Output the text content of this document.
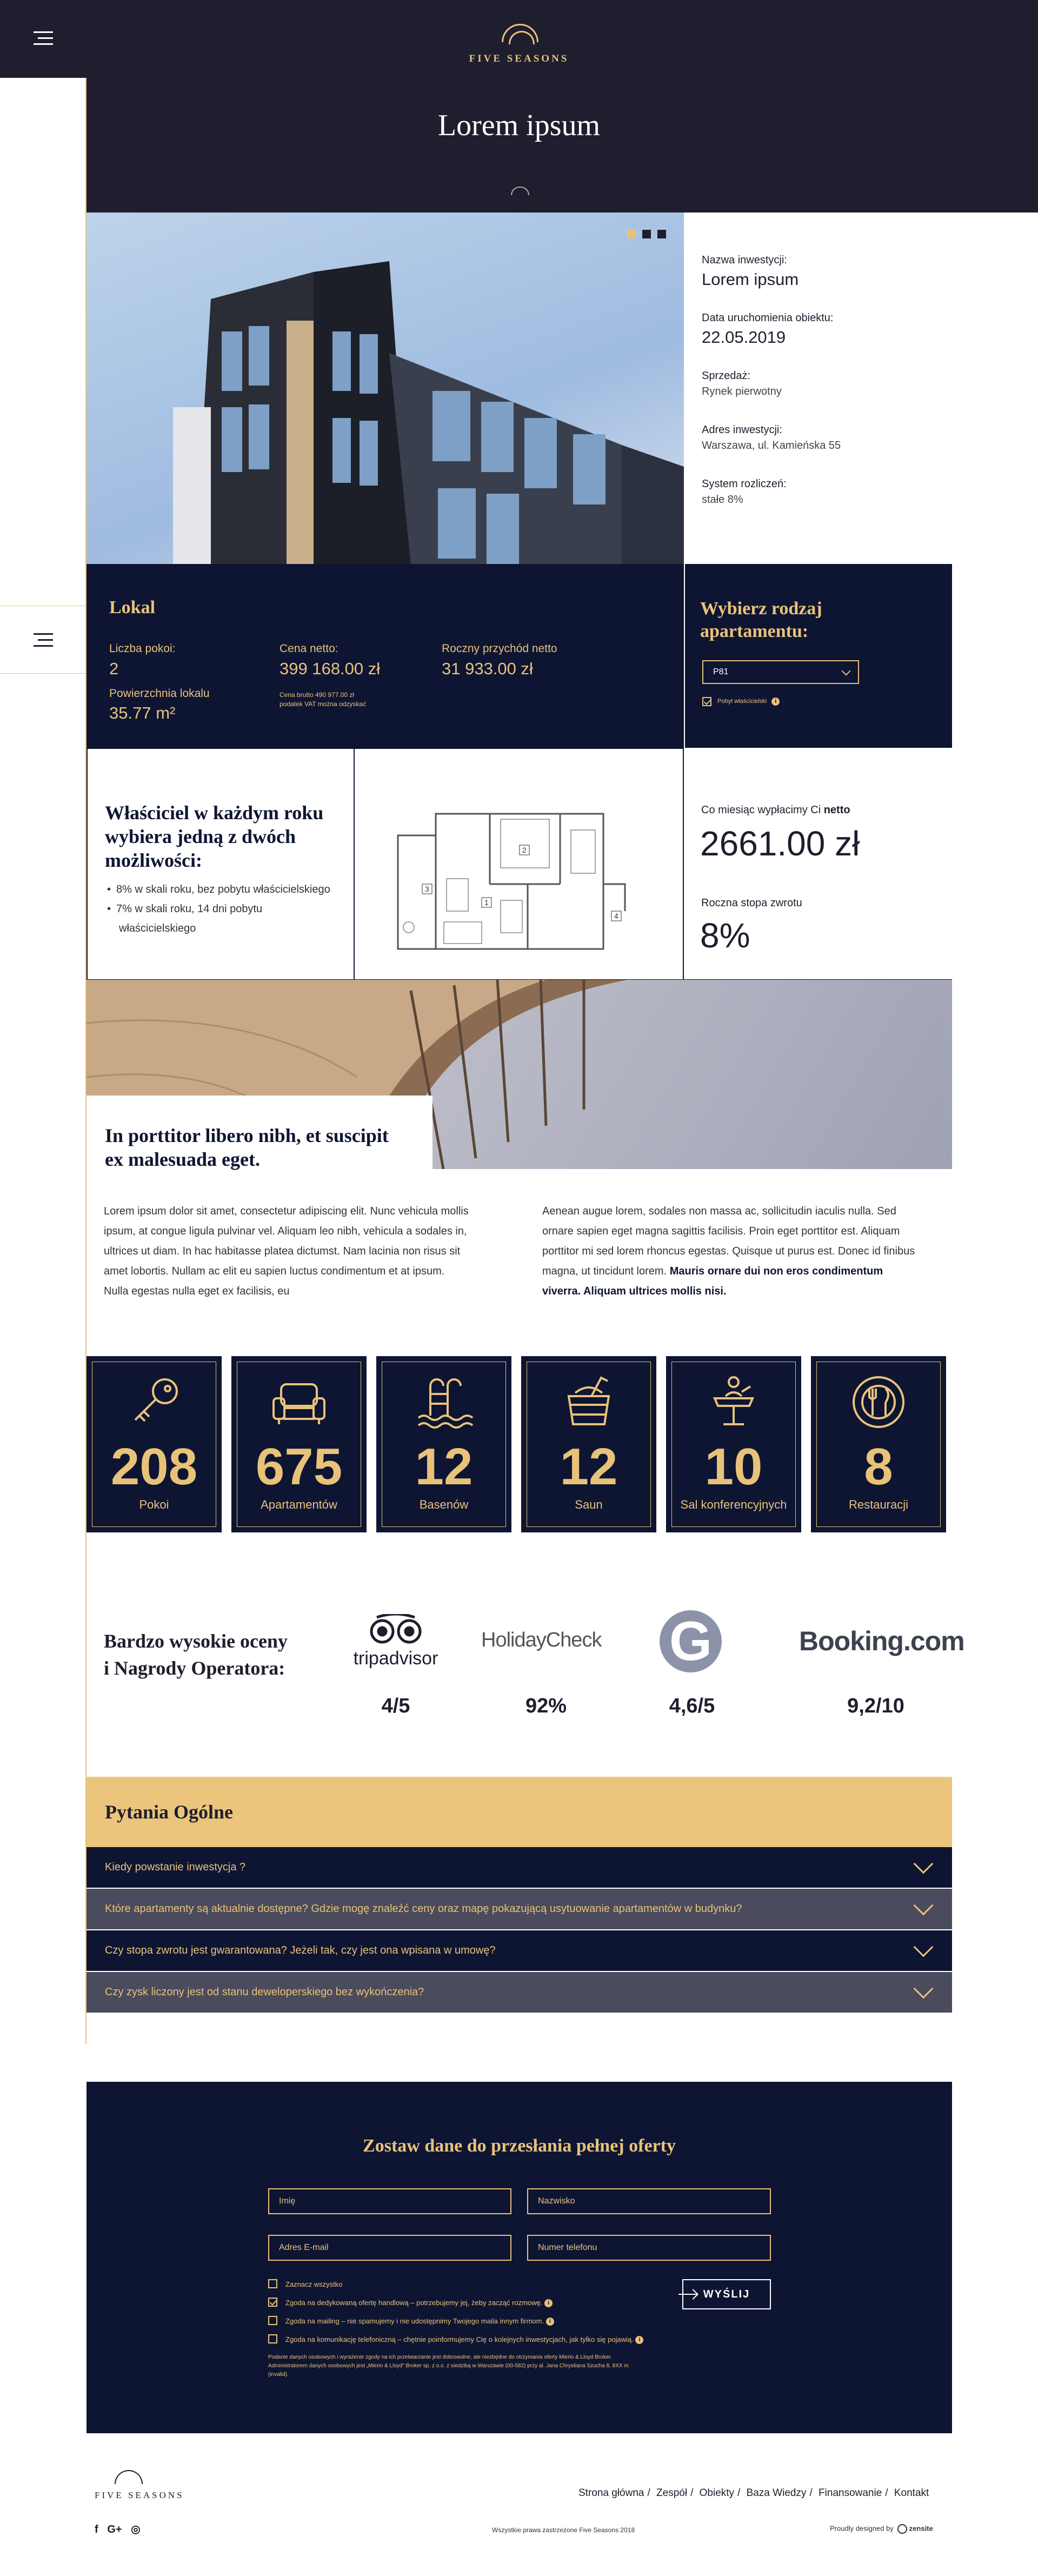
FIVE SEASONS
Lorem ipsum
Nazwa inwestycji:
Lorem ipsum
Data uruchomienia obiektu:
22.05.2019
Sprzedaż:
Rynek pierwotny
Adres inwestycji:
Warszawa, ul. Kamieńska 55
System rozliczeń:
stałe 8%
Lokal
Liczba pokoi:
2
Powierzchnia lokalu
35.77 m²
Cena netto:
399 168.00 zł
Cena brutto 490 977.00 zł
podatek VAT można odzyskać
Roczny przychód netto
31 933.00 zł
Wybierz rodzaj
apartamentu:
P81
Pobyt właścicielski i
Właściciel w każdym roku
wybiera jedną z dwóch
możliwości:
• 8% w skali roku, bez pobytu właścicielskiego
• 7% w skali roku, 14 dni pobytu
właścicielskiego
1
2
3
4
Co miesiąc wypłacimy Ci netto
2661.00 zł
Roczna stopa zwrotu
8%
In porttitor libero nibh, et suscipit
ex malesuada eget.
Lorem ipsum dolor sit amet, consectetur adipiscing elit. Nunc vehicula mollis ipsum, at congue ligula pulvinar vel. Aliquam leo nibh, vehicula a sodales in, ultrices ut diam. In hac habitasse platea dictumst. Nam lacinia non risus sit amet lobortis. Nullam ac elit eu sapien luctus condimentum et at ipsum. Nulla egestas nulla eget ex facilisis, eu
Aenean augue lorem, sodales non massa ac, sollicitudin iaculis nulla. Sed ornare sapien eget magna sagittis facilisis. Proin eget porttitor est. Aliquam porttitor mi sed lorem rhoncus egestas. Quisque ut purus est. Donec id finibus magna, ut tincidunt lorem. Mauris ornare dui non eros condimentum viverra. Aliquam ultrices mollis nisi.
208
Pokoi
675
Apartamentów
12
Basenów
12
Saun
10
Sal konferencyjnych
8
Restauracji
Bardzo wysokie oceny
i Nagrody Operatora:	tripadvisor
HolidayCheck G	Booking.com
4/5	92%	4,6/5	9,2/10
Pytania Ogólne
Kiedy powstanie inwestycja ?
Które apartamenty są aktualnie dostępne? Gdzie mogę znaleźć ceny oraz mapę pokazującą usytuowanie apartamentów w budynku?
Czy stopa zwrotu jest gwarantowana? Jeżeli tak, czy jest ona wpisana w umowę?
Czy zysk liczony jest od stanu deweloperskiego bez wykończenia?
Zostaw dane do przesłania pełnej oferty
Imię	Nazwisko
Adres E-mail	Numer telefonu
Zaznacz wszystko
Zgoda na dedykowaną ofertę handlową – potrzebujemy jej, żeby zacząć rozmowę. i
Zgoda na mailing – nie spamujemy i nie udostępnimy Twojego maila innym firmom. i
Zgoda na komunikację telefoniczną – chętnie poinformujemy Cię o kolejnych inwestycjach, jak tylko się pojawią. i
WYŚLIJ
Podanie danych osobowych i wyrażenie zgody na ich przetwarzanie jest dobrowolne, ale niezbędne do otrzymania oferty Mierio & Lloyd Broker. Administratorem danych osobowych jest „Mierio & Lloyd” Broker sp. z o.o. z siedzibą w Warszawie (00-582) przy al. Jana Chrystiana Szucha 8, 8XX m (invalid).
FIVE SEASONS	Strona główna / Zespół / Obiekty / Baza Wiedzy / Finansowanie / Kontakt
f G+ ◎	Wszystkie prawa zastrzeżone Five Seasons 2018	Proudly designed by zensite
